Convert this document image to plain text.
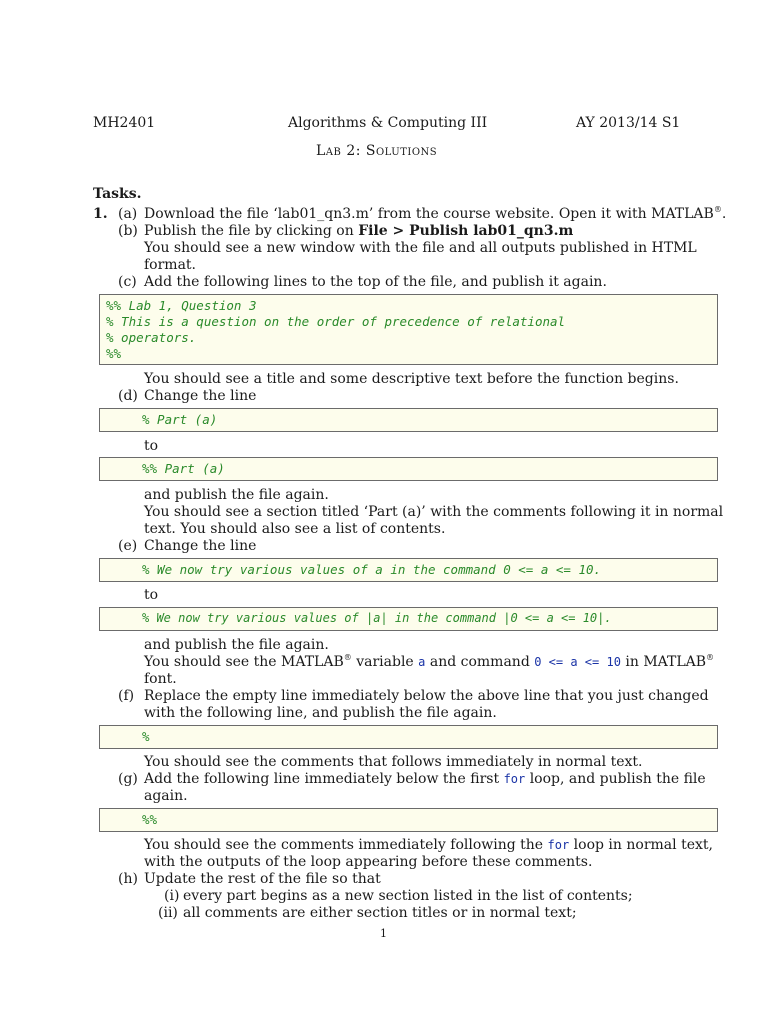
MH2401	Algorithms & Computing III	AY 2013/14 S1
Lab 2: Solutions
Tasks.
1. (a) Download the file ‘lab01_qn3.m’ from the course website. Open it with MATLAB®.
(b) Publish the file by clicking on File > Publish lab01_qn3.m
You should see a new window with the file and all outputs published in HTML
format.
(c) Add the following lines to the top of the file, and publish it again.
%% Lab 1, Question 3
% This is a question on the order of precedence of relational
% operators.
%%
You should see a title and some descriptive text before the function begins.
(d) Change the line
% Part (a)
to
%% Part (a)
and publish the file again.
You should see a section titled ‘Part (a)’ with the comments following it in normal
text. You should also see a list of contents.
(e) Change the line
% We now try various values of a in the command 0 <= a <= 10.
to
% We now try various values of |a| in the command |0 <= a <= 10|.
and publish the file again.
You should see the MATLAB® variable a and command 0 <= a <= 10 in MATLAB®
font.
(f) Replace the empty line immediately below the above line that you just changed
with the following line, and publish the file again.
%
You should see the comments that follows immediately in normal text.
(g) Add the following line immediately below the first for loop, and publish the file
again.
%%
You should see the comments immediately following the for loop in normal text,
with the outputs of the loop appearing before these comments.
(h) Update the rest of the file so that
(i) every part begins as a new section listed in the list of contents;
(ii) all comments are either section titles or in normal text;
1
